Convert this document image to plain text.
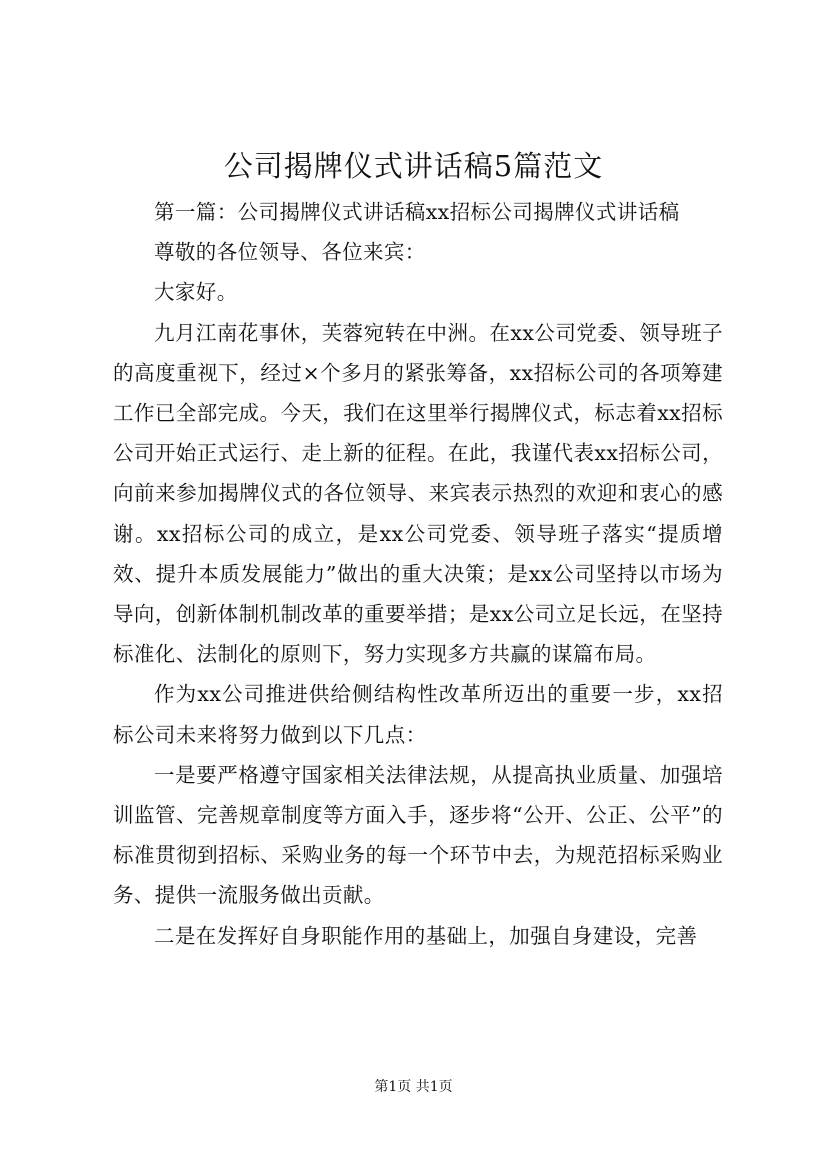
公司揭牌仪式讲话稿5篇范文

第一篇：公司揭牌仪式讲话稿xx招标公司揭牌仪式讲话稿

尊敬的各位领导、各位来宾：

大家好。

九月江南花事休，芙蓉宛转在中洲。在xx公司党委、领导班子的高度重视下，经过×个多月的紧张筹备，xx招标公司的各项筹建工作已全部完成。今天，我们在这里举行揭牌仪式，标志着xx招标公司开始正式运行、走上新的征程。在此，我谨代表xx招标公司，向前来参加揭牌仪式的各位领导、来宾表示热烈的欢迎和衷心的感谢。xx招标公司的成立，是xx公司党委、领导班子落实“提质增效、提升本质发展能力”做出的重大决策；是xx公司坚持以市场为导向，创新体制机制改革的重要举措；是xx公司立足长远，在坚持标准化、法制化的原则下，努力实现多方共赢的谋篇布局。

作为xx公司推进供给侧结构性改革所迈出的重要一步，xx招标公司未来将努力做到以下几点：

一是要严格遵守国家相关法律法规，从提高执业质量、加强培训监管、完善规章制度等方面入手，逐步将“公开、公正、公平”的标准贯彻到招标、采购业务的每一个环节中去，为规范招标采购业务、提供一流服务做出贡献。

二是在发挥好自身职能作用的基础上，加强自身建设，完善

第1页 共1页
